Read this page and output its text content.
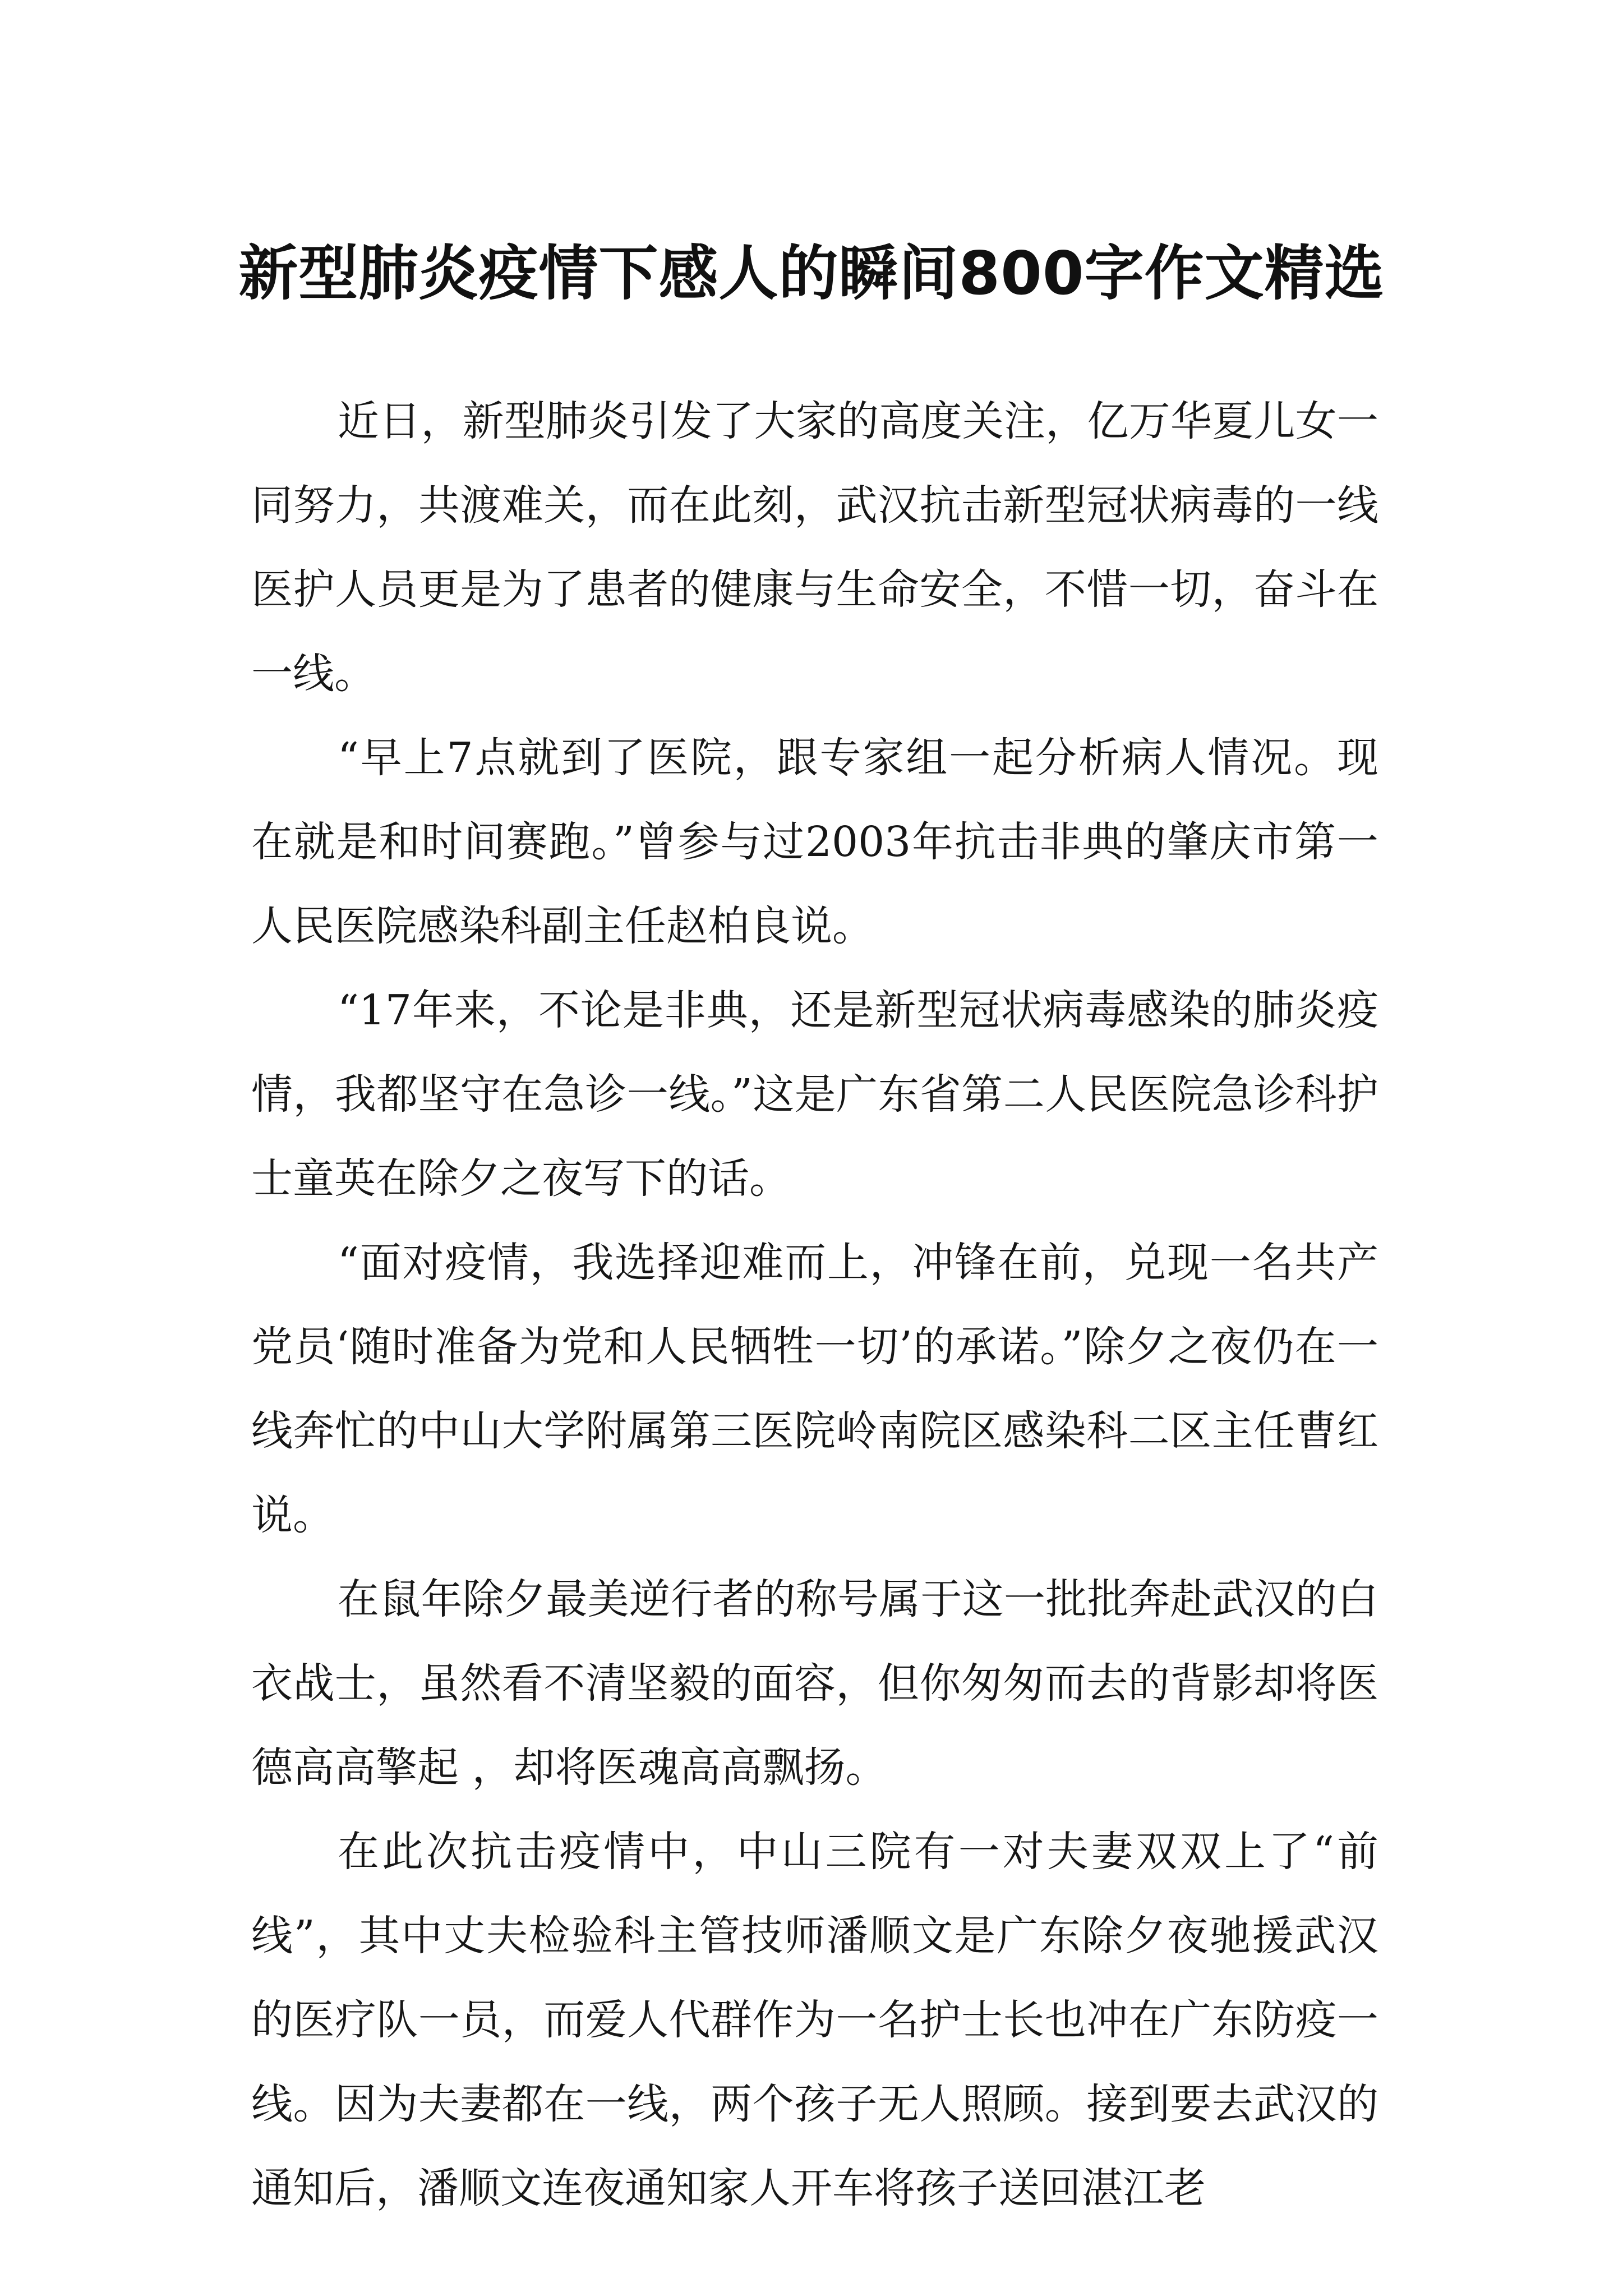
新型肺炎疫情下感人的瞬间800字作文精选

近日，新型肺炎引发了大家的高度关注，亿万华夏儿女一同努力，共渡难关，而在此刻，武汉抗击新型冠状病毒的一线医护人员更是为了患者的健康与生命安全，不惜一切，奋斗在一线。

“早上7点就到了医院，跟专家组一起分析病人情况。现在就是和时间赛跑。”曾参与过2003年抗击非典的肇庆市第一人民医院感染科副主任赵柏良说。

“17年来，不论是非典，还是新型冠状病毒感染的肺炎疫情，我都坚守在急诊一线。”这是广东省第二人民医院急诊科护士童英在除夕之夜写下的话。

“面对疫情，我选择迎难而上，冲锋在前，兑现一名共产党员‘随时准备为党和人民牺牲一切’的承诺。”除夕之夜仍在一线奔忙的中山大学附属第三医院岭南院区感染科二区主任曹红说。

在鼠年除夕最美逆行者的称号属于这一批批奔赴武汉的白衣战士，虽然看不清坚毅的面容，但你匆匆而去的背影却将医德高高擎起 ，却将医魂高高飘扬。

在此次抗击疫情中，中山三院有一对夫妻双双上了“前线”，其中丈夫检验科主管技师潘顺文是广东除夕夜驰援武汉的医疗队一员，而爱人代群作为一名护士长也冲在广东防疫一线。因为夫妻都在一线，两个孩子无人照顾。接到要去武汉的通知后，潘顺文连夜通知家人开车将孩子送回湛江老
